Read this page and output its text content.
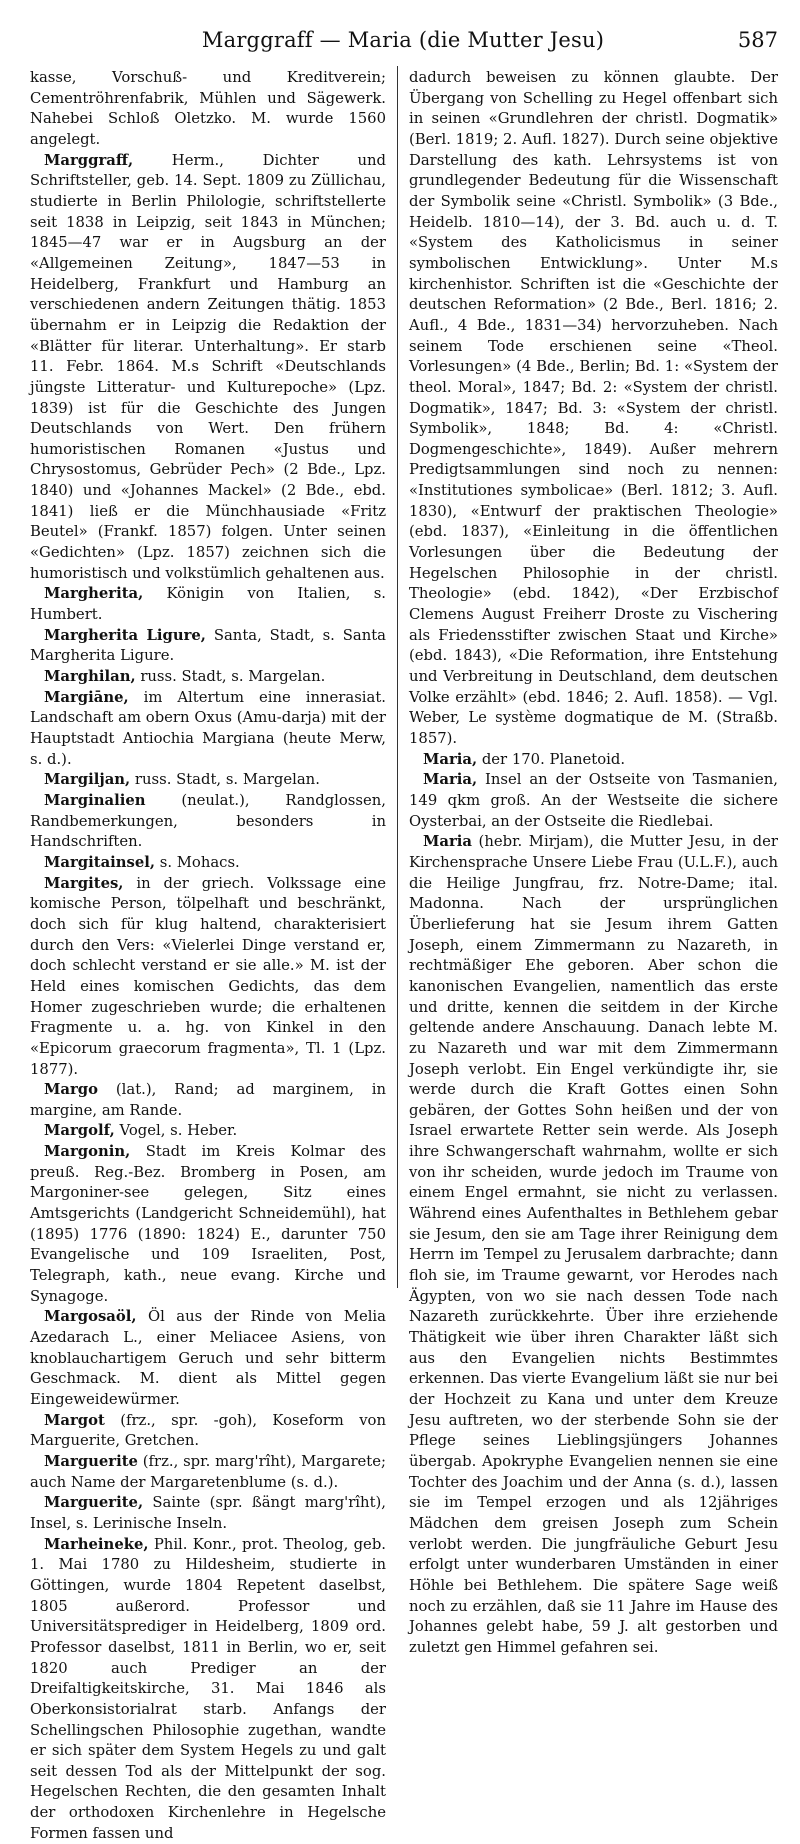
Marggraff — Maria (die Mutter Jesu)	587

kasse, Vorschuß- und Kreditverein; Cementröhrenfabrik, Mühlen und Sägewerk. Nahebei Schloß Oletzko. M. wurde 1560 angelegt.

Marggraff, Herm., Dichter und Schriftsteller, geb. 14. Sept. 1809 zu Züllichau, studierte in Berlin Philologie, schriftstellerte seit 1838 in Leipzig, seit 1843 in München; 1845—47 war er in Augsburg an der «Allgemeinen Zeitung», 1847—53 in Heidelberg, Frankfurt und Hamburg an verschiedenen andern Zeitungen thätig. 1853 übernahm er in Leipzig die Redaktion der «Blätter für literar. Unterhaltung». Er starb 11. Febr. 1864. M.s Schrift «Deutschlands jüngste Litteratur- und Kulturepoche» (Lpz. 1839) ist für die Geschichte des Jungen Deutschlands von Wert. Den frühern humoristischen Romanen «Justus und Chrysostomus, Gebrüder Pech» (2 Bde., Lpz. 1840) und «Johannes Mackel» (2 Bde., ebd. 1841) ließ er die Münchhausiade «Fritz Beutel» (Frankf. 1857) folgen. Unter seinen «Gedichten» (Lpz. 1857) zeichnen sich die humoristisch und volkstümlich gehaltenen aus.

Margherita, Königin von Italien, s. Humbert.

Margherita Ligure, Santa, Stadt, s. Santa Margherita Ligure.

Marghilan, russ. Stadt, s. Margelan.

Margiāne, im Altertum eine innerasiat. Landschaft am obern Oxus (Amu-darja) mit der Hauptstadt Antiochia Margiana (heute Merw, s. d.).

Margiljan, russ. Stadt, s. Margelan.

Marginalien (neulat.), Randglossen, Randbemerkungen, besonders in Handschriften.

Margitainsel, s. Mohacs.

Margites, in der griech. Volkssage eine komische Person, tölpelhaft und beschränkt, doch sich für klug haltend, charakterisiert durch den Vers: «Vielerlei Dinge verstand er, doch schlecht verstand er sie alle.» M. ist der Held eines komischen Gedichts, das dem Homer zugeschrieben wurde; die erhaltenen Fragmente u. a. hg. von Kinkel in den «Epicorum graecorum fragmenta», Tl. 1 (Lpz. 1877).

Margo (lat.), Rand; ad marginem, in margine, am Rande.

Margolf, Vogel, s. Heber.

Margonin, Stadt im Kreis Kolmar des preuß. Reg.-Bez. Bromberg in Posen, am Margoniner-see gelegen, Sitz eines Amtsgerichts (Landgericht Schneidemühl), hat (1895) 1776 (1890: 1824) E., darunter 750 Evangelische und 109 Israeliten, Post, Telegraph, kath., neue evang. Kirche und Synagoge.

Margosaöl, Öl aus der Rinde von Melia Azedarach L., einer Meliacee Asiens, von knoblauchartigem Geruch und sehr bitterm Geschmack. M. dient als Mittel gegen Eingeweidewürmer.

Margot (frz., spr. -goh), Koseform von Marguerite, Gretchen.

Marguerite (frz., spr. marg'rîht), Margarete; auch Name der Margaretenblume (s. d.).

Marguerite, Sainte (spr. ßängt marg'rîht), Insel, s. Lerinische Inseln.

Marheineke, Phil. Konr., prot. Theolog, geb. 1. Mai 1780 zu Hildesheim, studierte in Göttingen, wurde 1804 Repetent daselbst, 1805 außerord. Professor und Universitätsprediger in Heidelberg, 1809 ord. Professor daselbst, 1811 in Berlin, wo er, seit 1820 auch Prediger an der Dreifaltigkeitskirche, 31. Mai 1846 als Oberkonsistorialrat starb. Anfangs der Schellingschen Philosophie zugethan, wandte er sich später dem System Hegels zu und galt seit dessen Tod als der Mittelpunkt der sog. Hegelschen Rechten, die den gesamten Inhalt der orthodoxen Kirchenlehre in Hegelsche Formen fassen und

dadurch beweisen zu können glaubte. Der Übergang von Schelling zu Hegel offenbart sich in seinen «Grundlehren der christl. Dogmatik» (Berl. 1819; 2. Aufl. 1827). Durch seine objektive Darstellung des kath. Lehrsystems ist von grundlegender Bedeutung für die Wissenschaft der Symbolik seine «Christl. Symbolik» (3 Bde., Heidelb. 1810—14), der 3. Bd. auch u. d. T. «System des Katholicismus in seiner symbolischen Entwicklung». Unter M.s kirchenhistor. Schriften ist die «Geschichte der deutschen Reformation» (2 Bde., Berl. 1816; 2. Aufl., 4 Bde., 1831—34) hervorzuheben. Nach seinem Tode erschienen seine «Theol. Vorlesungen» (4 Bde., Berlin; Bd. 1: «System der theol. Moral», 1847; Bd. 2: «System der christl. Dogmatik», 1847; Bd. 3: «System der christl. Symbolik», 1848; Bd. 4: «Christl. Dogmengeschichte», 1849). Außer mehrern Predigtsammlungen sind noch zu nennen: «Institutiones symbolicae» (Berl. 1812; 3. Aufl. 1830), «Entwurf der praktischen Theologie» (ebd. 1837), «Einleitung in die öffentlichen Vorlesungen über die Bedeutung der Hegelschen Philosophie in der christl. Theologie» (ebd. 1842), «Der Erzbischof Clemens August Freiherr Droste zu Vischering als Friedensstifter zwischen Staat und Kirche» (ebd. 1843), «Die Reformation, ihre Entstehung und Verbreitung in Deutschland, dem deutschen Volke erzählt» (ebd. 1846; 2. Aufl. 1858). — Vgl. Weber, Le système dogmatique de M. (Straßb. 1857).

Maria, der 170. Planetoid.

Maria, Insel an der Ostseite von Tasmanien, 149 qkm groß. An der Westseite die sichere Oysterbai, an der Ostseite die Riedlebai.

Maria (hebr. Mirjam), die Mutter Jesu, in der Kirchensprache Unsere Liebe Frau (U.L.F.), auch die Heilige Jungfrau, frz. Notre-Dame; ital. Madonna. Nach der ursprünglichen Überlieferung hat sie Jesum ihrem Gatten Joseph, einem Zimmermann zu Nazareth, in rechtmäßiger Ehe geboren. Aber schon die kanonischen Evangelien, namentlich das erste und dritte, kennen die seitdem in der Kirche geltende andere Anschauung. Danach lebte M. zu Nazareth und war mit dem Zimmermann Joseph verlobt. Ein Engel verkündigte ihr, sie werde durch die Kraft Gottes einen Sohn gebären, der Gottes Sohn heißen und der von Israel erwartete Retter sein werde. Als Joseph ihre Schwangerschaft wahrnahm, wollte er sich von ihr scheiden, wurde jedoch im Traume von einem Engel ermahnt, sie nicht zu verlassen. Während eines Aufenthaltes in Bethlehem gebar sie Jesum, den sie am Tage ihrer Reinigung dem Herrn im Tempel zu Jerusalem darbrachte; dann floh sie, im Traume gewarnt, vor Herodes nach Ägypten, von wo sie nach dessen Tode nach Nazareth zurückkehrte. Über ihre erziehende Thätigkeit wie über ihren Charakter läßt sich aus den Evangelien nichts Bestimmtes erkennen. Das vierte Evangelium läßt sie nur bei der Hochzeit zu Kana und unter dem Kreuze Jesu auftreten, wo der sterbende Sohn sie der Pflege seines Lieblingsjüngers Johannes übergab. Apokryphe Evangelien nennen sie eine Tochter des Joachim und der Anna (s. d.), lassen sie im Tempel erzogen und als 12jähriges Mädchen dem greisen Joseph zum Schein verlobt werden. Die jungfräuliche Geburt Jesu erfolgt unter wunderbaren Umständen in einer Höhle bei Bethlehem. Die spätere Sage weiß noch zu erzählen, daß sie 11 Jahre im Hause des Johannes gelebt habe, 59 J. alt gestorben und zuletzt gen Himmel gefahren sei.
